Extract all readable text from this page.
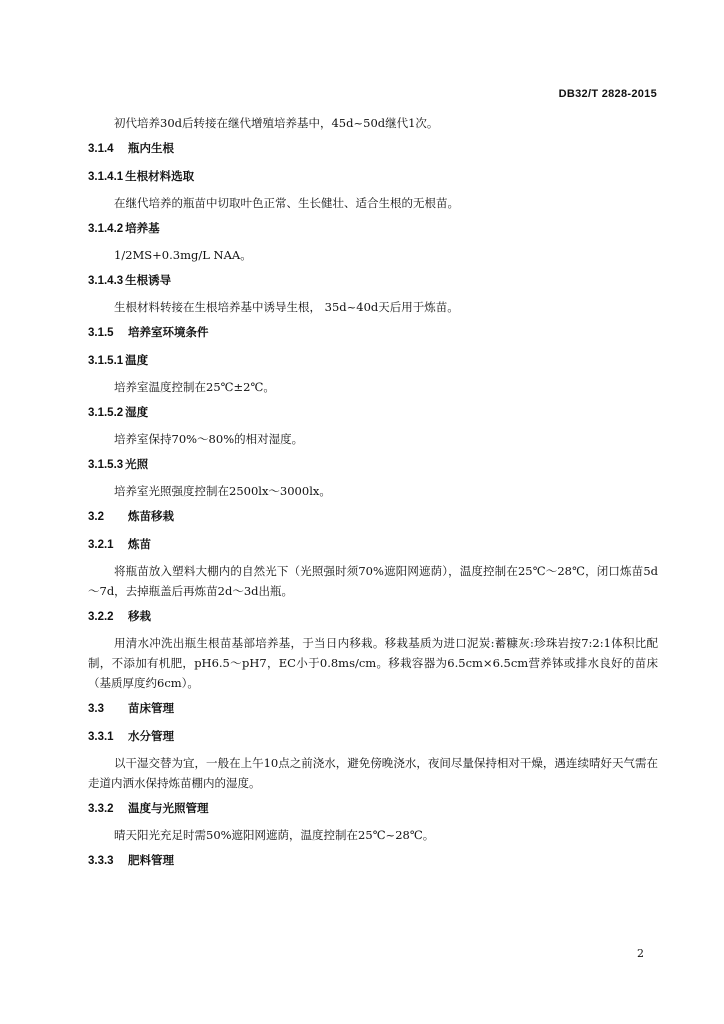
DB32/T 2828-2015

初代培养30d后转接在继代增殖培养基中，45d~50d继代1次。

3.1.4 瓶内生根

3.1.4.1 生根材料选取

在继代培养的瓶苗中切取叶色正常、生长健壮、适合生根的无根苗。

3.1.4.2 培养基

1/2MS+0.3mg/L NAA。

3.1.4.3 生根诱导

生根材料转接在生根培养基中诱导生根， 35d~40d天后用于炼苗。

3.1.5 培养室环境条件

3.1.5.1 温度

培养室温度控制在25℃±2℃。

3.1.5.2 湿度

培养室保持70%～80%的相对湿度。

3.1.5.3 光照

培养室光照强度控制在2500lx～3000lx。

3.2 炼苗移栽

3.2.1 炼苗

将瓶苗放入塑料大棚内的自然光下（光照强时须70%遮阳网遮荫），温度控制在25℃～28℃，闭口炼苗5d～7d，去掉瓶盖后再炼苗2d～3d出瓶。

3.2.2 移栽

用清水冲洗出瓶生根苗基部培养基，于当日内移栽。移栽基质为进口泥炭:蓄糠灰:珍珠岩按7:2:1体积比配制，不添加有机肥，pH6.5～pH7，EC小于0.8ms/cm。移栽容器为6.5cm×6.5cm营养钵或排水良好的苗床（基质厚度约6cm）。

3.3 苗床管理

3.3.1 水分管理

以干湿交替为宜，一般在上午10点之前浇水，避免傍晚浇水，夜间尽量保持相对干燥，遇连续晴好天气需在走道内洒水保持炼苗棚内的湿度。

3.3.2 温度与光照管理

晴天阳光充足时需50%遮阳网遮荫，温度控制在25℃~28℃。

3.3.3 肥料管理

2
